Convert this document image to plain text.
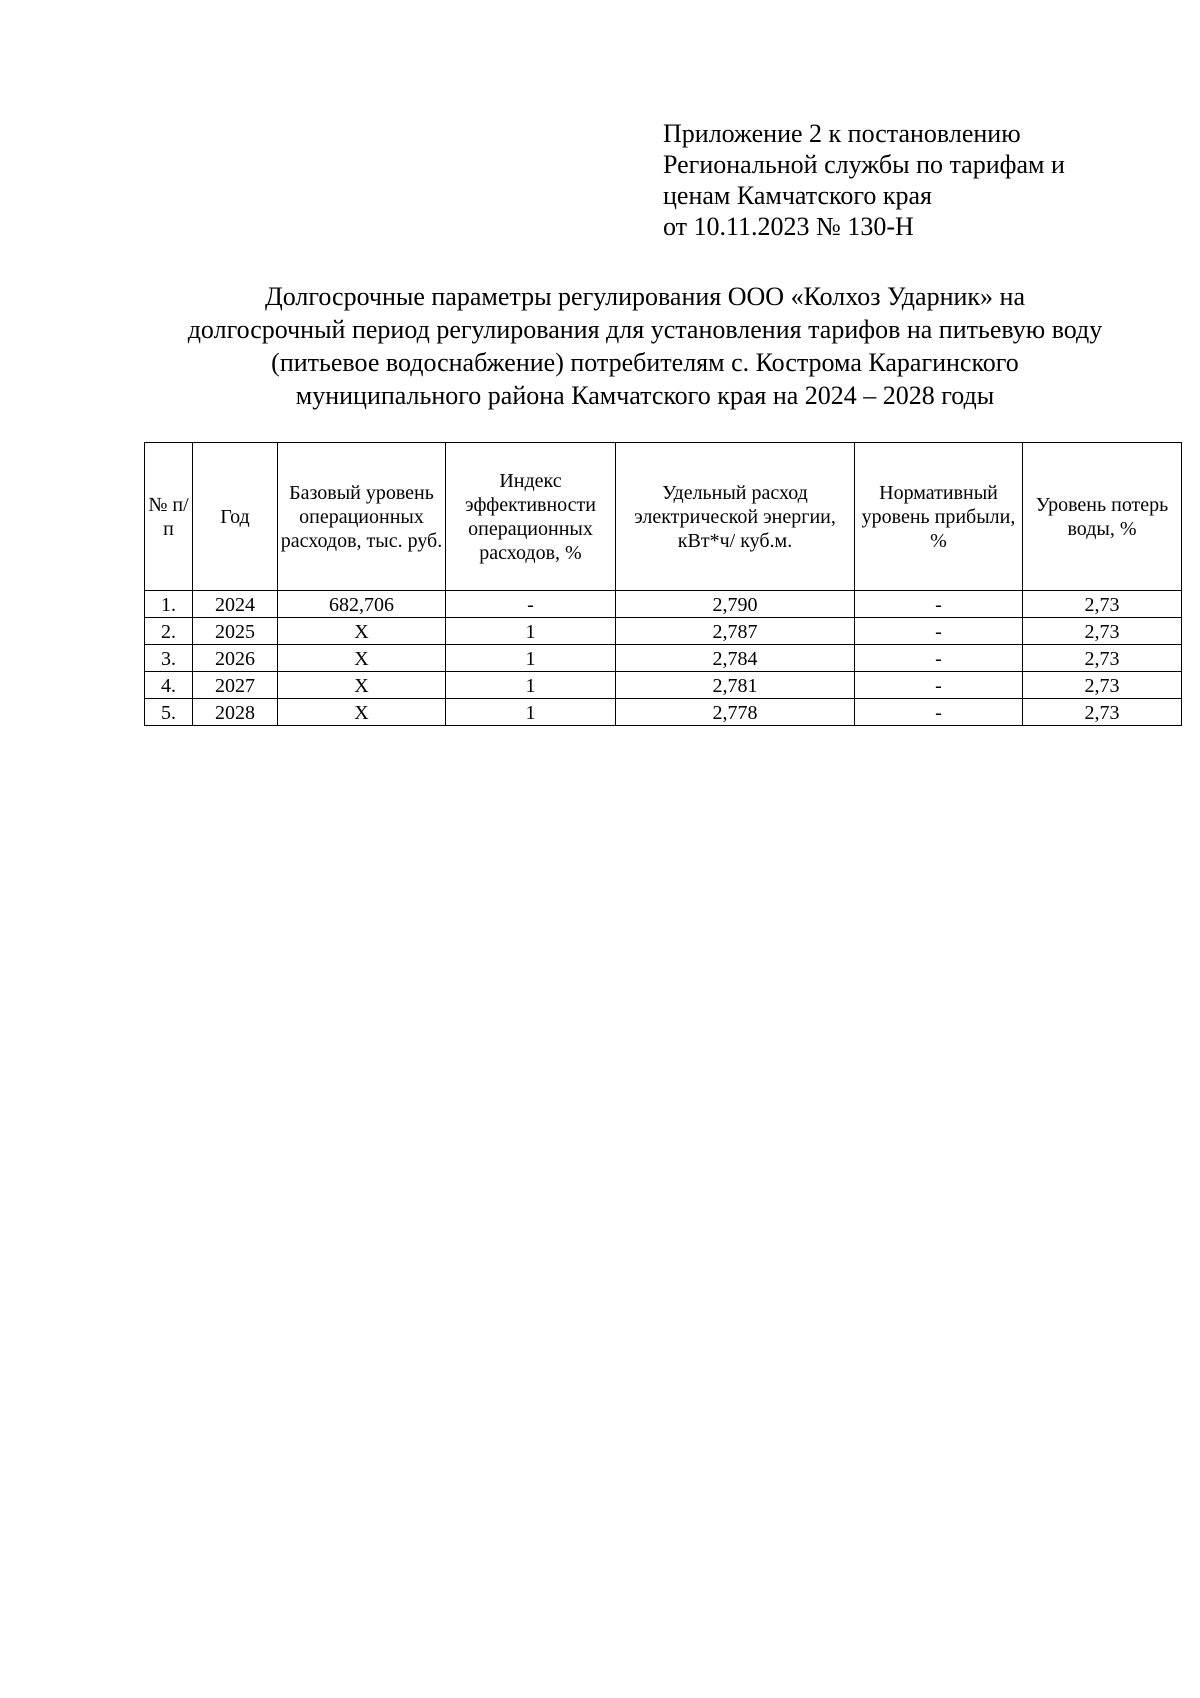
Приложение 2 к постановлению
Региональной службы по тарифам и
ценам Камчатского края
от 10.11.2023 № 130-Н
Долгосрочные параметры регулирования ООО «Колхоз Ударник» на
долгосрочный период регулирования для установления тарифов на питьевую воду
(питьевое водоснабжение) потребителям с. Кострома Карагинского
муниципального района Камчатского края на 2024 – 2028 годы
№ п/п	Год	Базовый уровень операционных расходов, тыс. руб.	Индекс эффективности операционных расходов, %	Удельный расход электрической энергии, кВт*ч/ куб.м.	Нормативный уровень прибыли, %	Уровень потерь воды, %

1.	2024	682,706	-	2,790	-	2,73
2.	2025	Х	1	2,787	-	2,73
3.	2026	Х	1	2,784	-	2,73
4.	2027	Х	1	2,781	-	2,73
5.	2028	Х	1	2,778	-	2,73
